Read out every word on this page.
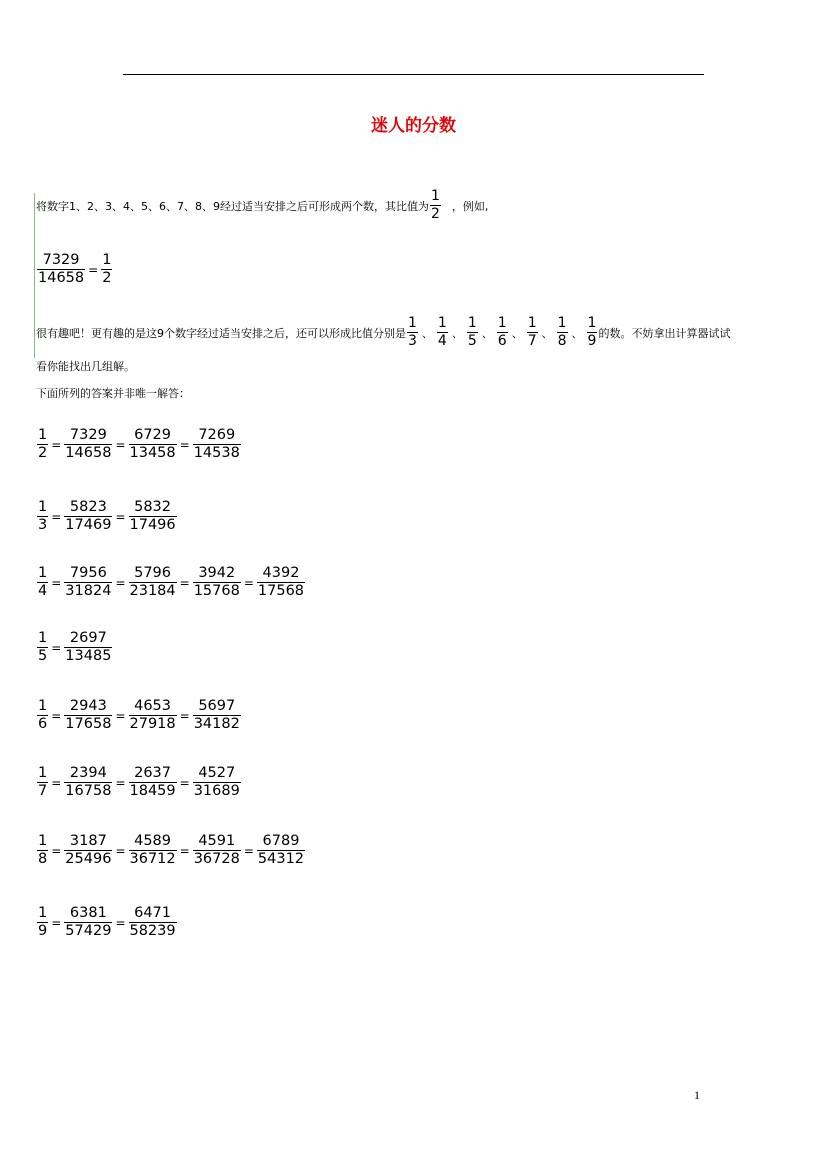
迷人的分数
将数字1、2、3、4、5、6、7、8、9经过适当安排之后可形成两个数，其比值为 $\frac{1}{2}$ ，例如,
$\frac{7329}{14658} = \frac{1}{2}$
很有趣吧！更有趣的是这9个数字经过适当安排之后，还可以形成比值分别是 $\frac{1}{3}$ 、 $\frac{1}{4}$ 、 $\frac{1}{5}$ 、 $\frac{1}{6}$ 、 $\frac{1}{7}$ 、 $\frac{1}{8}$ 、 $\frac{1}{9}$ 的数。不妨拿出计算器试试
看你能找出几组解。
下面所列的答案并非唯一解答：
$\frac{1}{2} = \frac{7329}{14658} = \frac{6729}{13458} = \frac{7269}{14538}$
$\frac{1}{3} = \frac{5823}{17469} = \frac{5832}{17496}$
$\frac{1}{4} = \frac{7956}{31824} = \frac{5796}{23184} = \frac{3942}{15768} = \frac{4392}{17568}$
$\frac{1}{5} = \frac{2697}{13485}$
$\frac{1}{6} = \frac{2943}{17658} = \frac{4653}{27918} = \frac{5697}{34182}$
$\frac{1}{7} = \frac{2394}{16758} = \frac{2637}{18459} = \frac{4527}{31689}$
$\frac{1}{8} = \frac{3187}{25496} = \frac{4589}{36712} = \frac{4591}{36728} = \frac{6789}{54312}$
$\frac{1}{9} = \frac{6381}{57429} = \frac{6471}{58239}$
1
